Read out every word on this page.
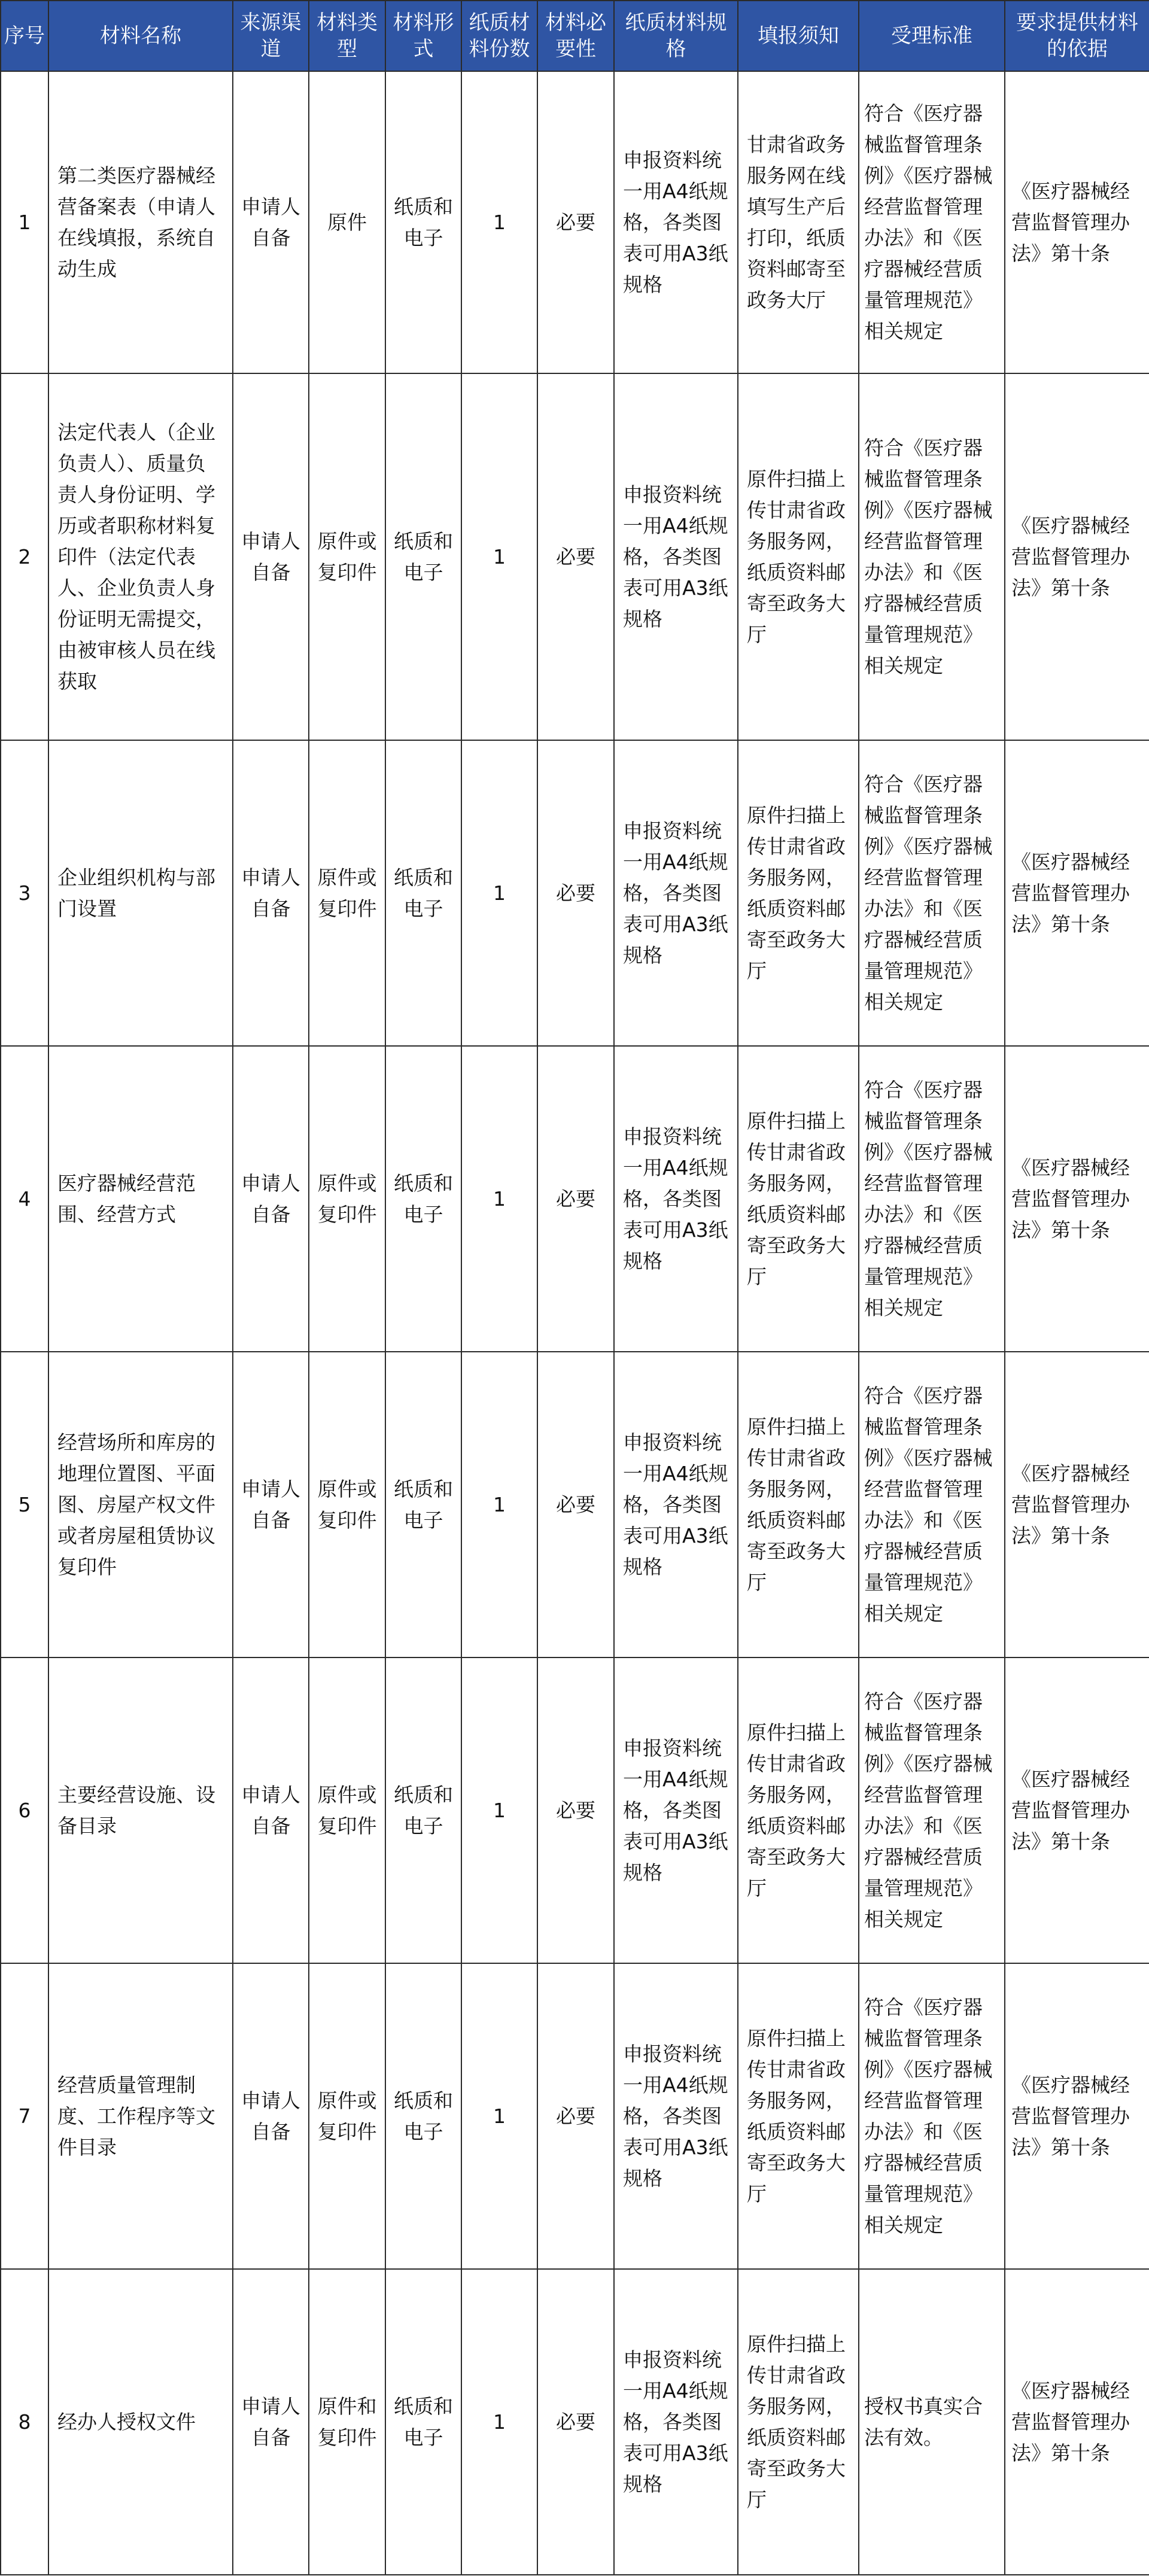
序号	材料名称	来源渠道	材料类型	材料形式	纸质材料份数	材料必要性	纸质材料规格	填报须知	受理标准	要求提供材料的依据
1	第二类医疗器械经营备案表（申请人在线填报，系统自动生成	申请人自备	原件	纸质和电子	1	必要	申报资料统一用A4纸规格，各类图表可用A3纸规格	甘肃省政务服务网在线填写生产后打印，纸质资料邮寄至政务大厅	符合《医疗器械监督管理条例》《医疗器械经营监督管理办法》和《医疗器械经营质量管理规范》相关规定	《医疗器械经营监督管理办法》第十条
2	法定代表人（企业负责人）、质量负责人身份证明、学历或者职称材料复印件（法定代表人、企业负责人身份证明无需提交，由被审核人员在线获取	申请人自备	原件或复印件	纸质和电子	1	必要	申报资料统一用A4纸规格，各类图表可用A3纸规格	原件扫描上传甘肃省政务服务网，纸质资料邮寄至政务大厅	符合《医疗器械监督管理条例》《医疗器械经营监督管理办法》和《医疗器械经营质量管理规范》相关规定	《医疗器械经营监督管理办法》第十条
3	企业组织机构与部门设置	申请人自备	原件或复印件	纸质和电子	1	必要	申报资料统一用A4纸规格，各类图表可用A3纸规格	原件扫描上传甘肃省政务服务网，纸质资料邮寄至政务大厅	符合《医疗器械监督管理条例》《医疗器械经营监督管理办法》和《医疗器械经营质量管理规范》相关规定	《医疗器械经营监督管理办法》第十条
4	医疗器械经营范围、经营方式	申请人自备	原件或复印件	纸质和电子	1	必要	申报资料统一用A4纸规格，各类图表可用A3纸规格	原件扫描上传甘肃省政务服务网，纸质资料邮寄至政务大厅	符合《医疗器械监督管理条例》《医疗器械经营监督管理办法》和《医疗器械经营质量管理规范》相关规定	《医疗器械经营监督管理办法》第十条
5	经营场所和库房的地理位置图、平面图、房屋产权文件或者房屋租赁协议复印件	申请人自备	原件或复印件	纸质和电子	1	必要	申报资料统一用A4纸规格，各类图表可用A3纸规格	原件扫描上传甘肃省政务服务网，纸质资料邮寄至政务大厅	符合《医疗器械监督管理条例》《医疗器械经营监督管理办法》和《医疗器械经营质量管理规范》相关规定	《医疗器械经营监督管理办法》第十条
6	主要经营设施、设备目录	申请人自备	原件或复印件	纸质和电子	1	必要	申报资料统一用A4纸规格，各类图表可用A3纸规格	原件扫描上传甘肃省政务服务网，纸质资料邮寄至政务大厅	符合《医疗器械监督管理条例》《医疗器械经营监督管理办法》和《医疗器械经营质量管理规范》相关规定	《医疗器械经营监督管理办法》第十条
7	经营质量管理制度、工作程序等文件目录	申请人自备	原件或复印件	纸质和电子	1	必要	申报资料统一用A4纸规格，各类图表可用A3纸规格	原件扫描上传甘肃省政务服务网，纸质资料邮寄至政务大厅	符合《医疗器械监督管理条例》《医疗器械经营监督管理办法》和《医疗器械经营质量管理规范》相关规定	《医疗器械经营监督管理办法》第十条
8	经办人授权文件	申请人自备	原件和复印件	纸质和电子	1	必要	申报资料统一用A4纸规格，各类图表可用A3纸规格	原件扫描上传甘肃省政务服务网，纸质资料邮寄至政务大厅	授权书真实合法有效。	《医疗器械经营监督管理办法》第十条
